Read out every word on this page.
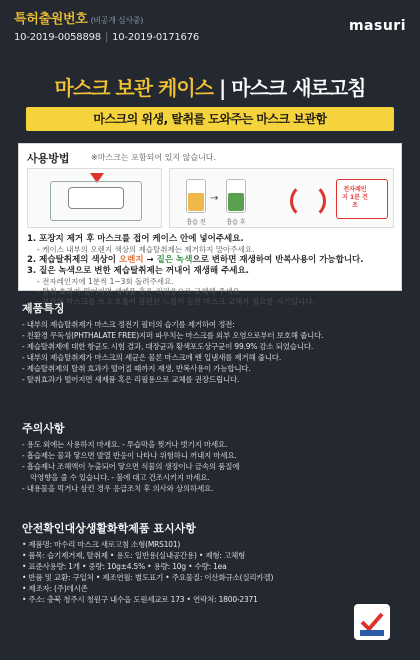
특허출원번호 (비공개 심사중)
10-2019-0058898 | 10-2019-0171676
masuri
마스크 보관 케이스 | 마스크 새로고침
마스크의 위생, 탈취를 도와주는 마스크 보관함
사용방법	※마스크는 포함되어 있지 않습니다.
흡습 전
→
흡습 후
전자레인지 1분 건조
1. 포장지 제거 후 마스크를 접어 케이스 안에 넣어주세요.
- 케이스 내부의 오렌지 색상의 제습탈취제는 제거하지 말아주세요.
2. 제습탈취제의 색상이 오렌지 → 짙은 녹색으로 변하면 재생하여 반복사용이 가능합니다.
3. 짙은 녹색으로 변한 제습탈취제는 꺼내어 재생해 주세요.
- 전자레인지에 1분씩 1~3회 돌려주세요.
- 탈취 효과가 떨어지면 새제품 혹은 리필용으로 교체해 주세요.
- 보관한 마스크를 쓰고 호흡이 불편한 느낌이 들면 마스크 교체가 필요한 시기입니다.
제품특징
- 내부의 제습탈취제가 마스크 정전기 필터의 습기를 제거하여 정전:
- 친환경 무독성(PHTHALATE FREE)지퍼 파우치는 마스크를 외부 오염으로부터 보호해 줍니다.
- 제습탈취제에 대한 항균도 시험 결과, 대장균과 황색포도상구균이 99.9% 감소 되었습니다.
- 내부의 제습탈취제가 마스크의 세균은 물론 마스크에 밴 입냄새를 제거해 줍니다.
- 제습탈취제의 탈취 효과가 떨어질 때까지 재생, 반복사용이 가능합니다.
- 탈취효과가 떨어지면 새제품 혹은 리필용으로 교체를 권장드립니다.
주의사항
- 용도 외에는 사용하지 마세요. - 투습막을 찢거나 벗기지 마세요.
- 흡습제는 물과 닿으면 발열 반응이 나타나 위험하니 꺼내지 마세요.
- 흡습제나 조해액이 누출되어 닿으면 식물의 생장이나 금속의 품질에
악영향을 줄 수 있습니다. - 불에 대고 건조시키지 마세요.
- 내용물을 먹거나 삼킨 경우 응급조치 후 의사와 상의하세요.
안전확인대상생활화학제품 표시사항
• 제품명: 마수리 마스크 새로고침 소형(MRS101)
• 품목: 습기제거제, 탈취제 • 용도: 일반용(실내공간용) • 제형: 고체형
• 표준사용량: 1개 • 중량: 10g±4.5% • 용량: 10g • 수량: 1ea
• 반품 및 교환: 구입처 • 제조연월: 별도표기 • 주요물질: 이산화규소(실리카겔)
• 제조자: (주)데시존
• 주소: 충북 청주시 청원구 내수읍 도원세교로 173 • 연락처: 1800-2371
